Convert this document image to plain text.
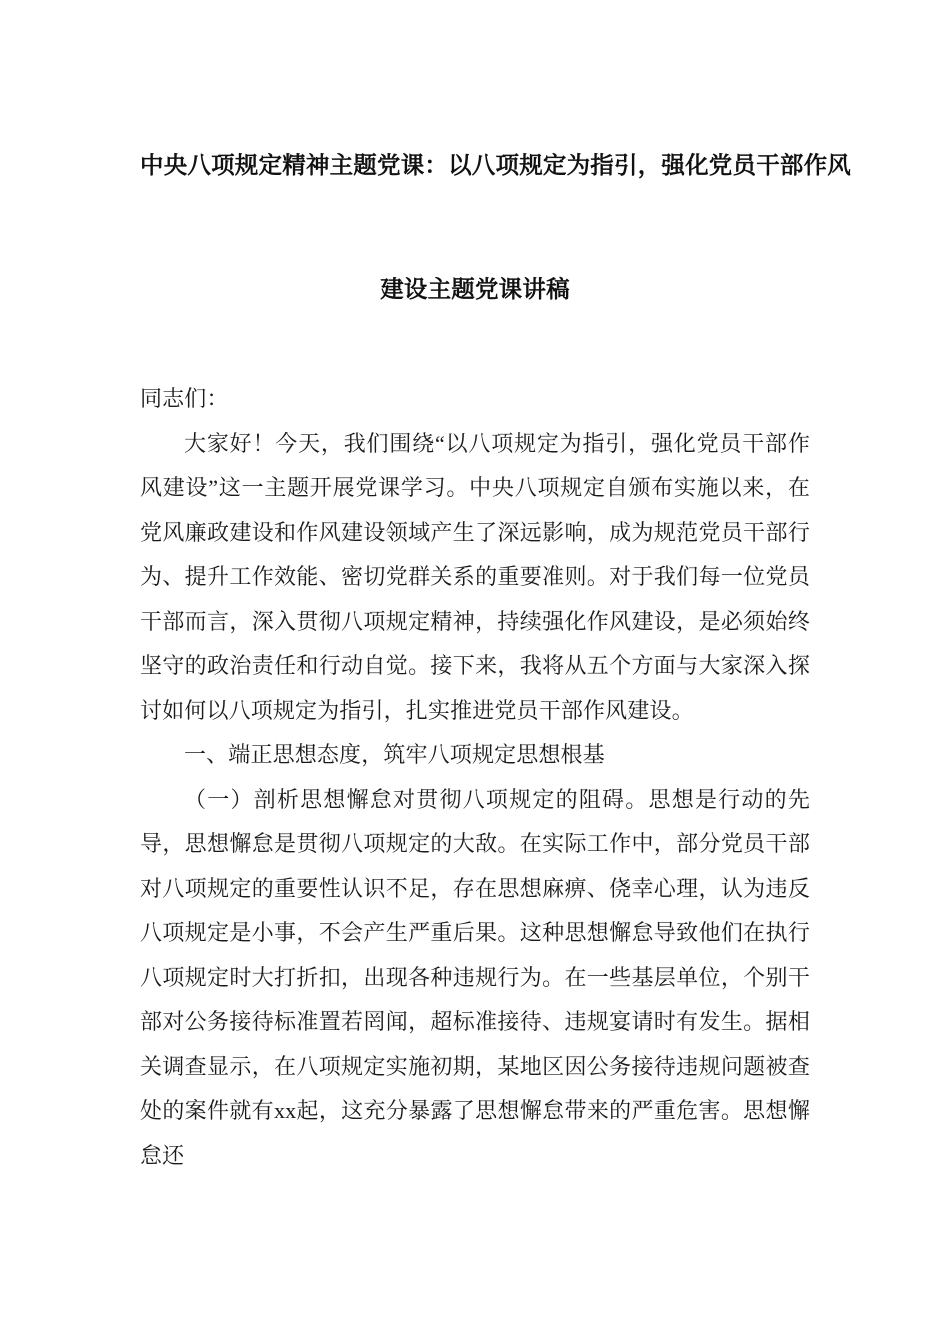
中央八项规定精神主题党课：以八项规定为指引，强化党员干部作风
建设主题党课讲稿

同志们：

大家好！今天，我们围绕“以八项规定为指引，强化党员干部作风建设”这一主题开展党课学习。中央八项规定自颁布实施以来，在党风廉政建设和作风建设领域产生了深远影响，成为规范党员干部行为、提升工作效能、密切党群关系的重要准则。对于我们每一位党员干部而言，深入贯彻八项规定精神，持续强化作风建设，是必须始终坚守的政治责任和行动自觉。接下来，我将从五个方面与大家深入探讨如何以八项规定为指引，扎实推进党员干部作风建设。

一、端正思想态度，筑牢八项规定思想根基

（一）剖析思想懈怠对贯彻八项规定的阻碍。思想是行动的先导，思想懈怠是贯彻八项规定的大敌。在实际工作中，部分党员干部对八项规定的重要性认识不足，存在思想麻痹、侥幸心理，认为违反八项规定是小事，不会产生严重后果。这种思想懈怠导致他们在执行八项规定时大打折扣，出现各种违规行为。在一些基层单位，个别干部对公务接待标准置若罔闻，超标准接待、违规宴请时有发生。据相关调查显示，在八项规定实施初期，某地区因公务接待违规问题被查处的案件就有xx起，这充分暴露了思想懈怠带来的严重危害。思想懈怠还
